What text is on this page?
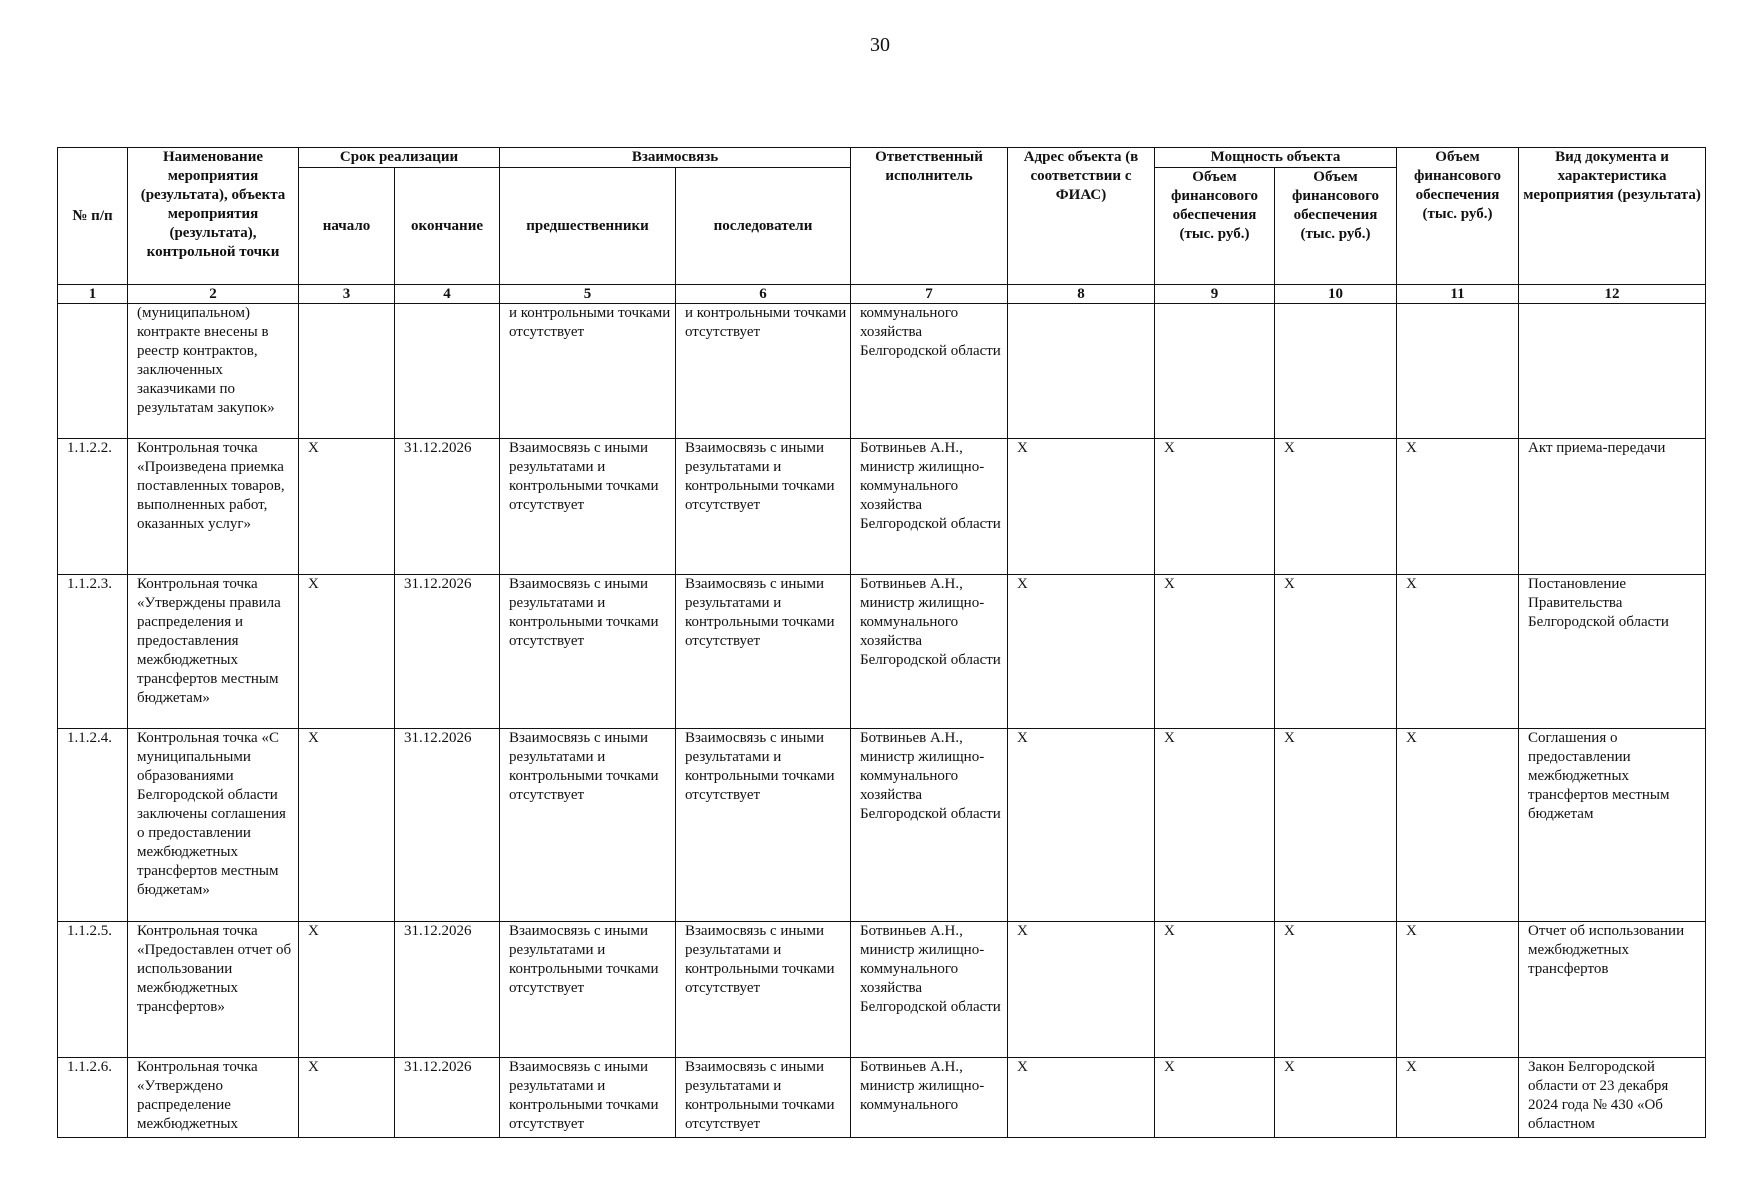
30
№ п/п	Наименование мероприятия (результата), объекта мероприятия (результата), контрольной точки	Срок реализации		Взаимосвязь		Ответственный исполнитель	Адрес объекта (в соответствии с ФИАС)	Мощность объекта		Объем финансового обеспечения (тыс. руб.)	Вид документа и характеристика мероприятия (результата)
		начало	окончание	предшественники	последователи			Объем финансового обеспечения (тыс. руб.)	Объем финансового обеспечения (тыс. руб.)		
1	2	3	4	5	6	7	8	9	10	11	12
	(муниципальном) контракте внесены в реестр контрактов, заключенных заказчиками по результатам закупок»			и контрольными точками отсутствует	и контрольными точками отсутствует	коммунального хозяйства Белгородской области					
1.1.2.2.	Контрольная точка «Произведена приемка поставленных товаров, выполненных работ, оказанных услуг»	X	31.12.2026	Взаимосвязь с иными результатами и контрольными точками отсутствует	Взаимосвязь с иными результатами и контрольными точками отсутствует	Ботвиньев А.Н., министр жилищно-коммунального хозяйства Белгородской области	X	X	X	X	Акт приема-передачи
1.1.2.3.	Контрольная точка «Утверждены правила распределения и предоставления межбюджетных трансфертов местным бюджетам»	X	31.12.2026	Взаимосвязь с иными результатами и контрольными точками отсутствует	Взаимосвязь с иными результатами и контрольными точками отсутствует	Ботвиньев А.Н., министр жилищно-коммунального хозяйства Белгородской области	X	X	X	X	Постановление Правительства Белгородской области
1.1.2.4.	Контрольная точка «С муниципальными образованиями Белгородской области заключены соглашения о предоставлении межбюджетных трансфертов местным бюджетам»	X	31.12.2026	Взаимосвязь с иными результатами и контрольными точками отсутствует	Взаимосвязь с иными результатами и контрольными точками отсутствует	Ботвиньев А.Н., министр жилищно-коммунального хозяйства Белгородской области	X	X	X	X	Соглашения о предоставлении межбюджетных трансфертов местным бюджетам
1.1.2.5.	Контрольная точка «Предоставлен отчет об использовании межбюджетных трансфертов»	X	31.12.2026	Взаимосвязь с иными результатами и контрольными точками отсутствует	Взаимосвязь с иными результатами и контрольными точками отсутствует	Ботвиньев А.Н., министр жилищно-коммунального хозяйства Белгородской области	X	X	X	X	Отчет об использовании межбюджетных трансфертов
1.1.2.6.	Контрольная точка «Утверждено распределение межбюджетных	X	31.12.2026	Взаимосвязь с иными результатами и контрольными точками отсутствует	Взаимосвязь с иными результатами и контрольными точками отсутствует	Ботвиньев А.Н., министр жилищно-коммунального	X	X	X	X	Закон Белгородской области от 23 декабря 2024 года № 430 «Об областном
